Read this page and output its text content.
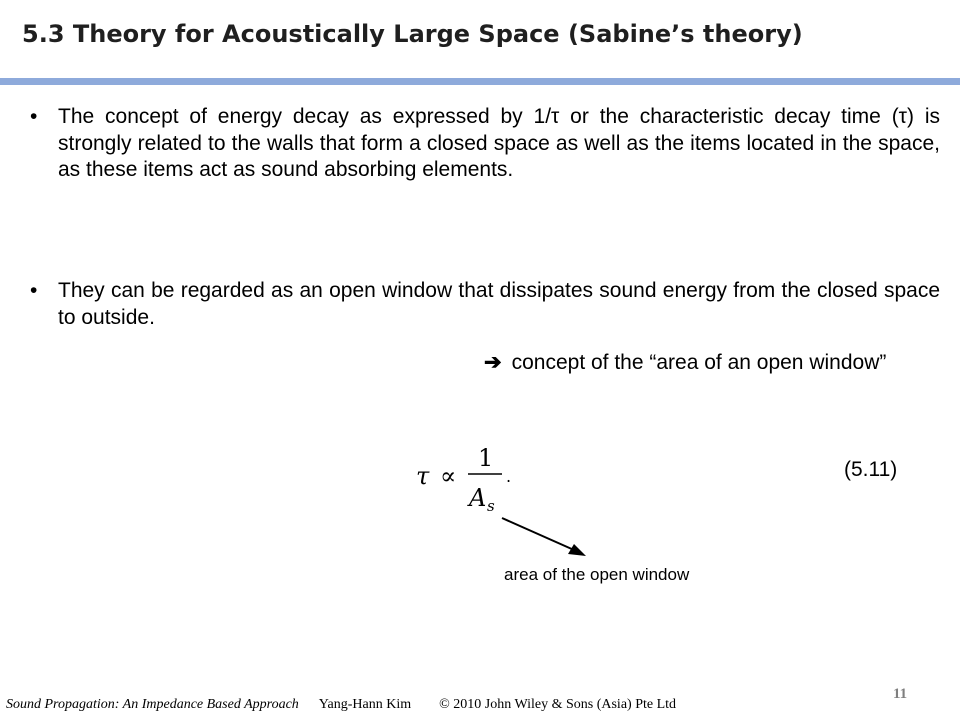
5.3 Theory for Acoustically Large Space (Sabine’s theory)
• The concept of energy decay as expressed by 1/τ or the characteristic decay time (τ) is strongly related to the walls that form a closed space as well as the items located in the space, as these items act as sound absorbing elements.
• They can be regarded as an open window that dissipates sound energy from the closed space to outside.
➔ concept of the “area of an open window”
τ ∝
1
A s
.	(5.11)
area of the open window
Sound Propagation: An Impedance Based Approach Yang-Hann Kim © 2010 John Wiley & Sons (Asia) Pte Ltd
11
